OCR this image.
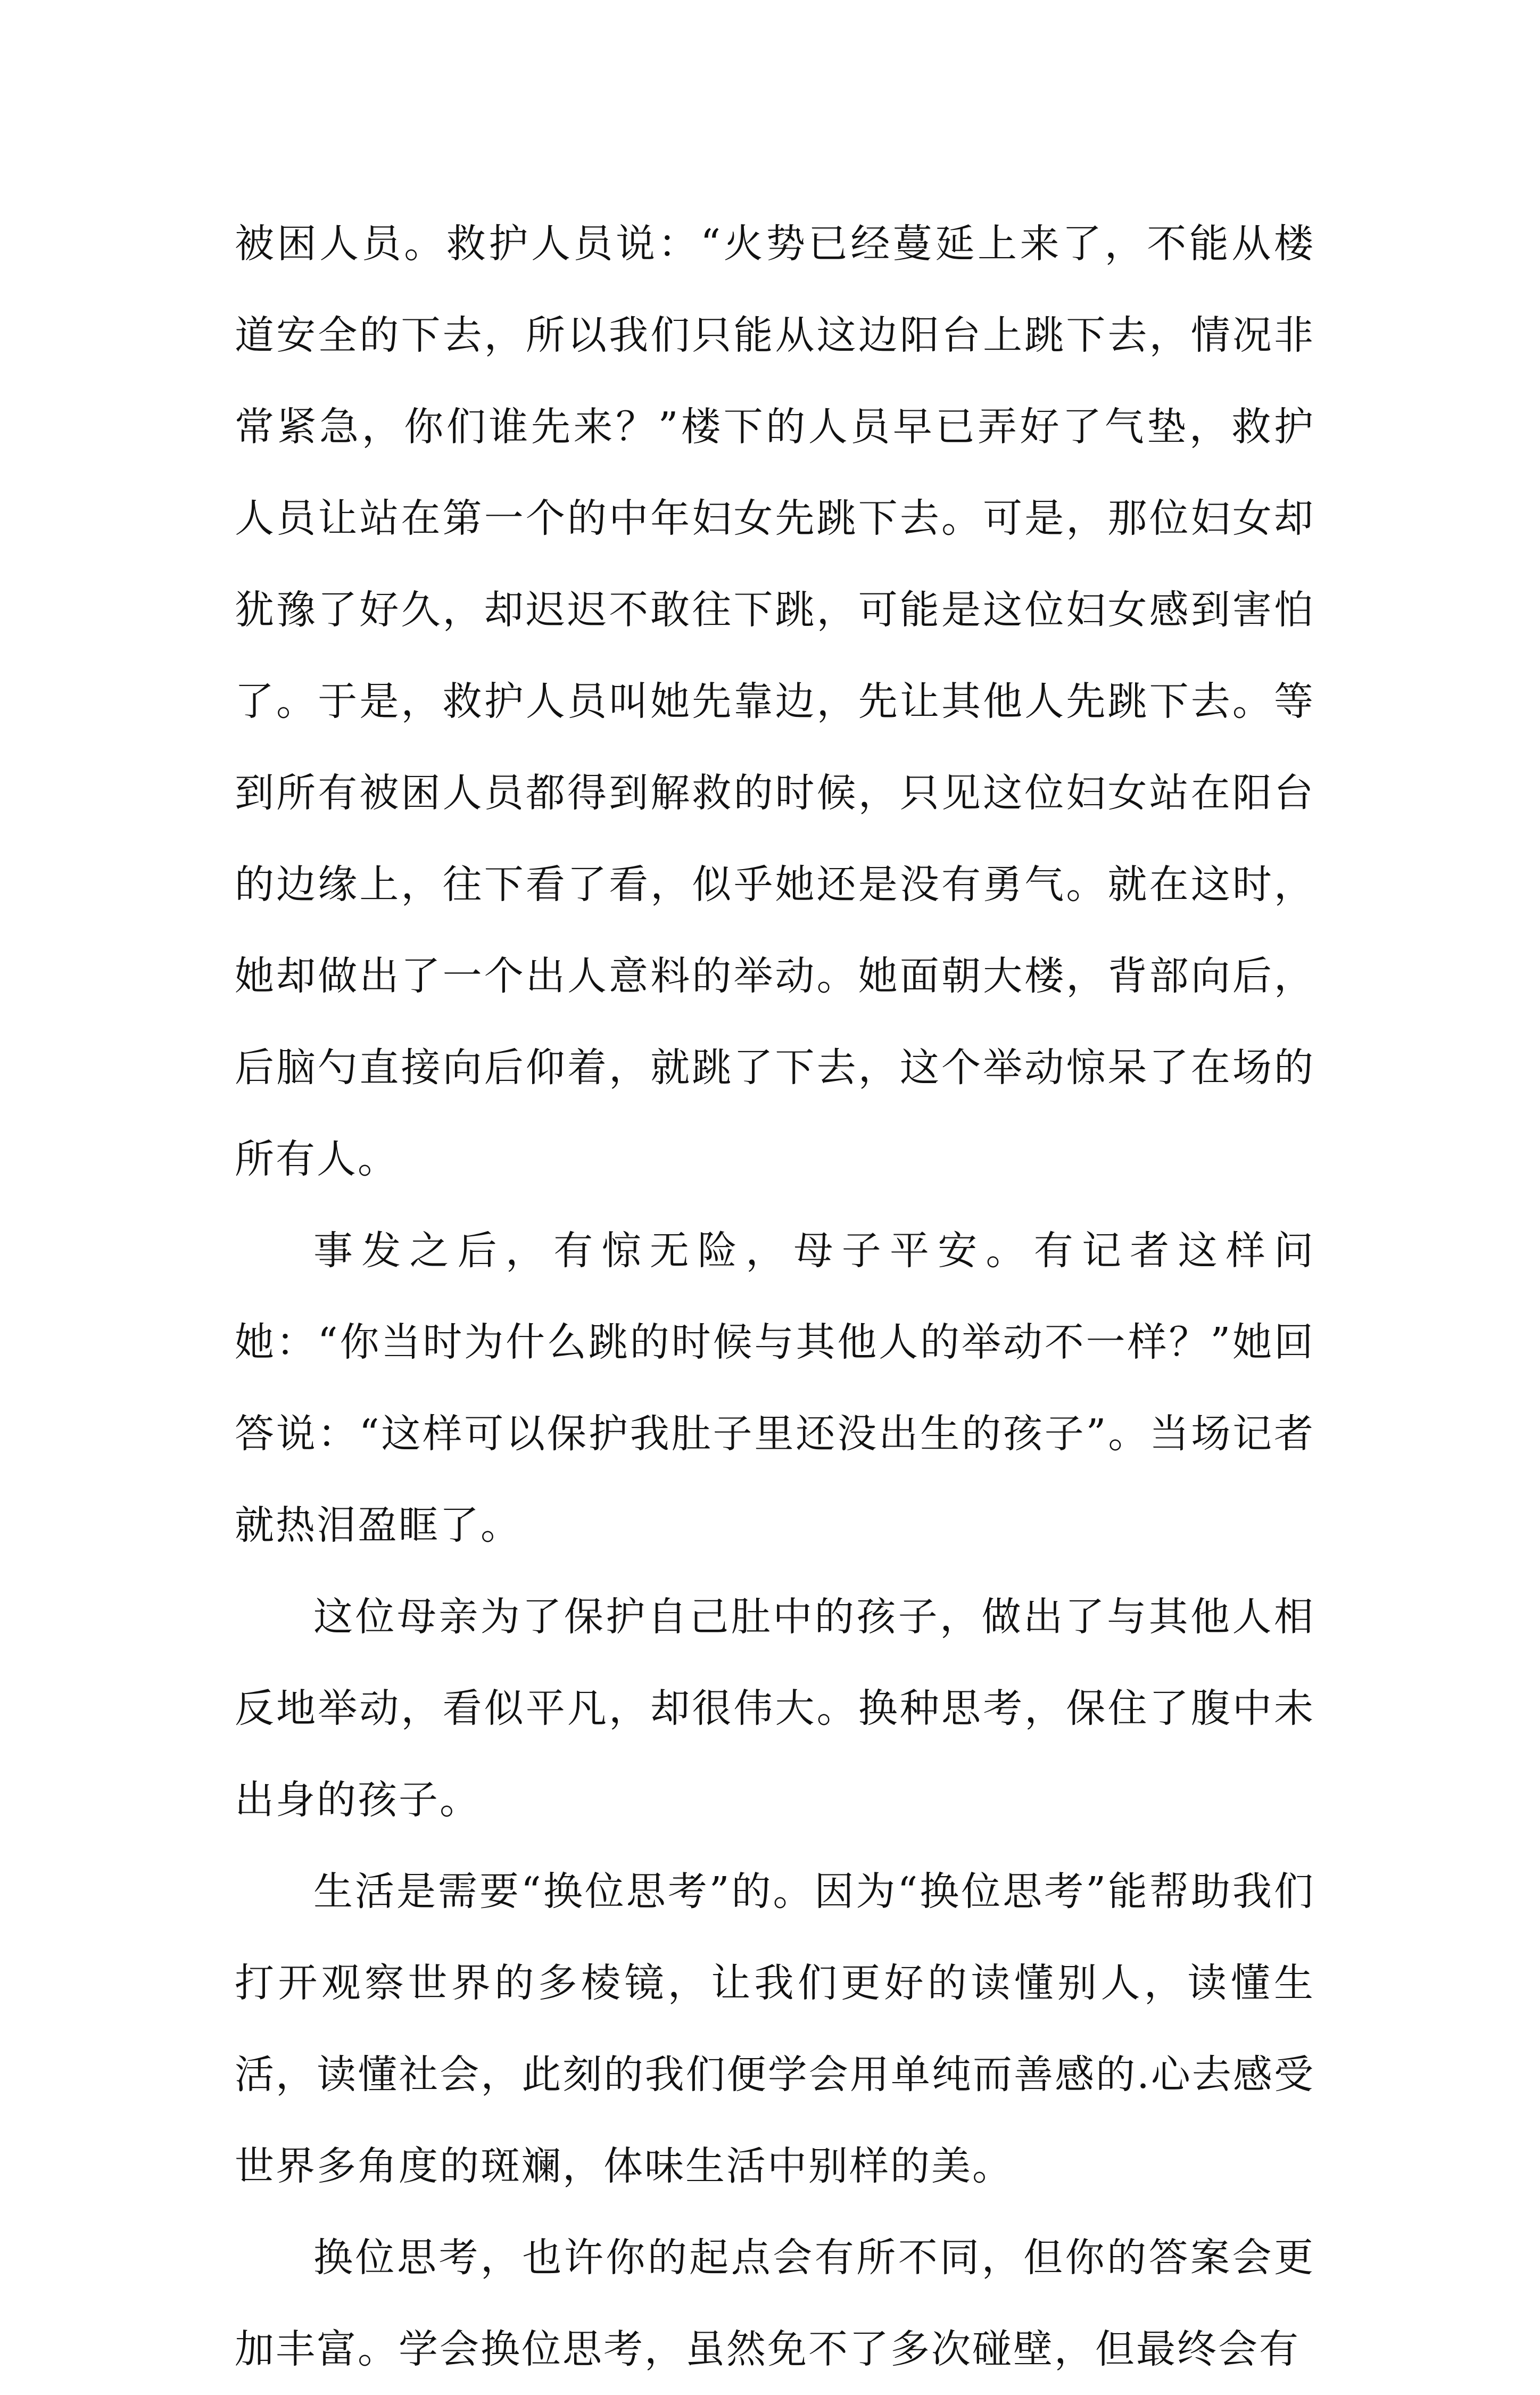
被困人员。救护人员说：“火势已经蔓延上来了，不能从楼道安全的下去，所以我们只能从这边阳台上跳下去，情况非常紧急，你们谁先来？”楼下的人员早已弄好了气垫，救护人员让站在第一个的中年妇女先跳下去。可是，那位妇女却犹豫了好久，却迟迟不敢往下跳，可能是这位妇女感到害怕了。于是，救护人员叫她先靠边，先让其他人先跳下去。等到所有被困人员都得到解救的时候，只见这位妇女站在阳台的边缘上，往下看了看，似乎她还是没有勇气。就在这时，她却做出了一个出人意料的举动。她面朝大楼，背部向后，后脑勺直接向后仰着，就跳了下去，这个举动惊呆了在场的所有人。

事发之后，有惊无险，母子平安。有记者这样问她：“你当时为什么跳的时候与其他人的举动不一样？”她回答说：“这样可以保护我肚子里还没出生的孩子”。当场记者就热泪盈眶了。

这位母亲为了保护自己肚中的孩子，做出了与其他人相反地举动，看似平凡，却很伟大。换种思考，保住了腹中未出身的孩子。

生活是需要“换位思考”的。因为“换位思考”能帮助我们打开观察世界的多棱镜，让我们更好的读懂别人，读懂生活，读懂社会，此刻的我们便学会用单纯而善感的.心去感受世界多角度的斑斓，体味生活中别样的美。

换位思考，也许你的起点会有所不同，但你的答案会更加丰富。学会换位思考，虽然免不了多次碰壁，但最终会有
